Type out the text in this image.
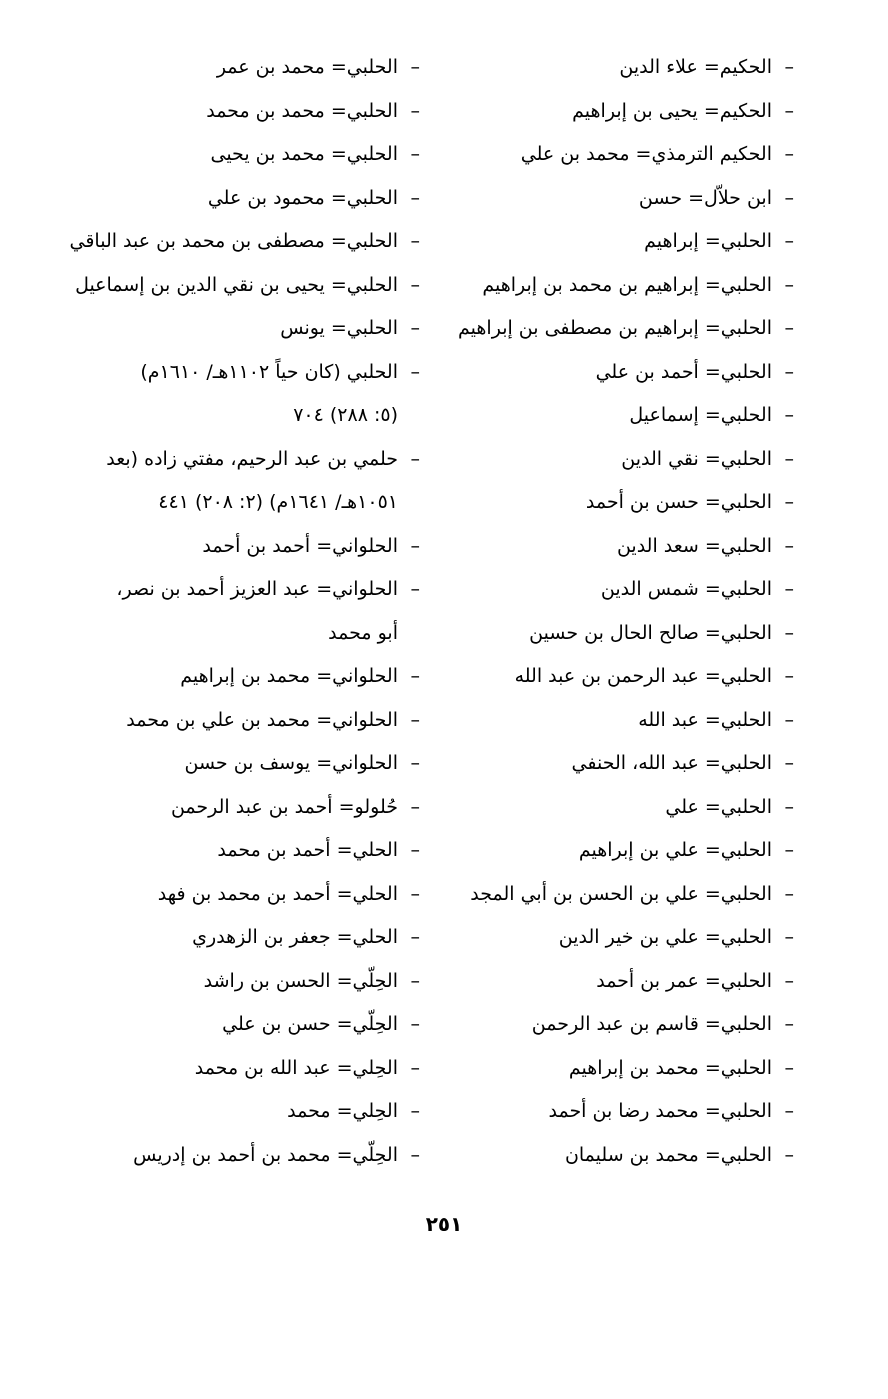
–الحكيم= علاء الدين
–الحكيم= يحيى بن إبراهيم
–الحكيم الترمذي= محمد بن علي
–ابن حلاّل= حسن
–الحلبي= إبراهيم
–الحلبي= إبراهيم بن محمد بن إبراهيم
–الحلبي= إبراهيم بن مصطفى بن إبراهيم
–الحلبي= أحمد بن علي
–الحلبي= إسماعيل
–الحلبي= نقي الدين
–الحلبي= حسن بن أحمد
–الحلبي= سعد الدين
–الحلبي= شمس الدين
–الحلبي= صالح الحال بن حسين
–الحلبي= عبد الرحمن بن عبد الله
–الحلبي= عبد الله
–الحلبي= عبد الله، الحنفي
–الحلبي= علي
–الحلبي= علي بن إبراهيم
–الحلبي= علي بن الحسن بن أبي المجد
–الحلبي= علي بن خير الدين
–الحلبي= عمر بن أحمد
–الحلبي= قاسم بن عبد الرحمن
–الحلبي= محمد بن إبراهيم
–الحلبي= محمد رضا بن أحمد
–الحلبي= محمد بن سليمان
–الحلبي= محمد بن عمر
–الحلبي= محمد بن محمد
–الحلبي= محمد بن يحيى
–الحلبي= محمود بن علي
–الحلبي= مصطفى بن محمد بن عبد الباقي
–الحلبي= يحيى بن نقي الدين بن إسماعيل
–الحلبي= يونس
–الحلبي (كان حياً ١١٠٢هـ/ ١٦١٠م)
(٥: ٢٨٨) ٧٠٤
–حلمي بن عبد الرحيم، مفتي زاده (بعد
١٠٥١هـ/ ١٦٤١م) (٢: ٢٠٨) ٤٤١
–الحلواني= أحمد بن أحمد
–الحلواني= عبد العزيز أحمد بن نصر،
أبو محمد
–الحلواني= محمد بن إبراهيم
–الحلواني= محمد بن علي بن محمد
–الحلواني= يوسف بن حسن
–حُلولو= أحمد بن عبد الرحمن
–الحلي= أحمد بن محمد
–الحلي= أحمد بن محمد بن فهد
–الحلي= جعفر بن الزهدري
–الحِلّي= الحسن بن راشد
–الحِلّي= حسن بن علي
–الحِلي= عبد الله بن محمد
–الحِلي= محمد
–الحِلّي= محمد بن أحمد بن إدريس
٢٥١
